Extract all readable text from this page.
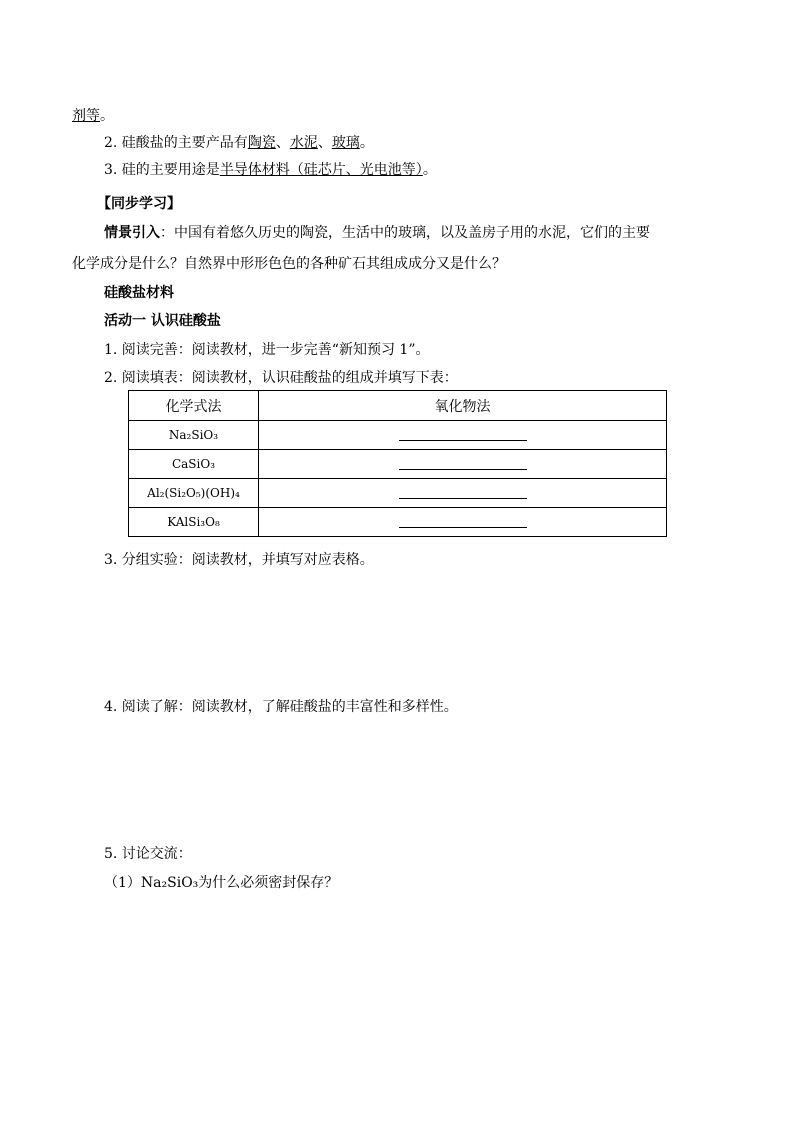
剂等。
2. 硅酸盐的主要产品有陶瓷、水泥、玻璃。
3. 硅的主要用途是半导体材料（硅芯片、光电池等）。
【同步学习】
情景引入：中国有着悠久历史的陶瓷，生活中的玻璃，以及盖房子用的水泥，它们的主要
化学成分是什么？自然界中形形色色的各种矿石其组成成分又是什么？
硅酸盐材料
活动一 认识硅酸盐
1. 阅读完善：阅读教材，进一步完善“新知预习 1”。
2. 阅读填表：阅读教材，认识硅酸盐的组成并填写下表：
化学式法	氧化物法
Na₂SiO₃	
CaSiO₃	
Al₂(Si₂O₅)(OH)₄	
KAlSi₃O₈	
3. 分组实验：阅读教材，并填写对应表格。
4. 阅读了解：阅读教材，了解硅酸盐的丰富性和多样性。
5. 讨论交流：
（1）Na₂SiO₃为什么必须密封保存？
